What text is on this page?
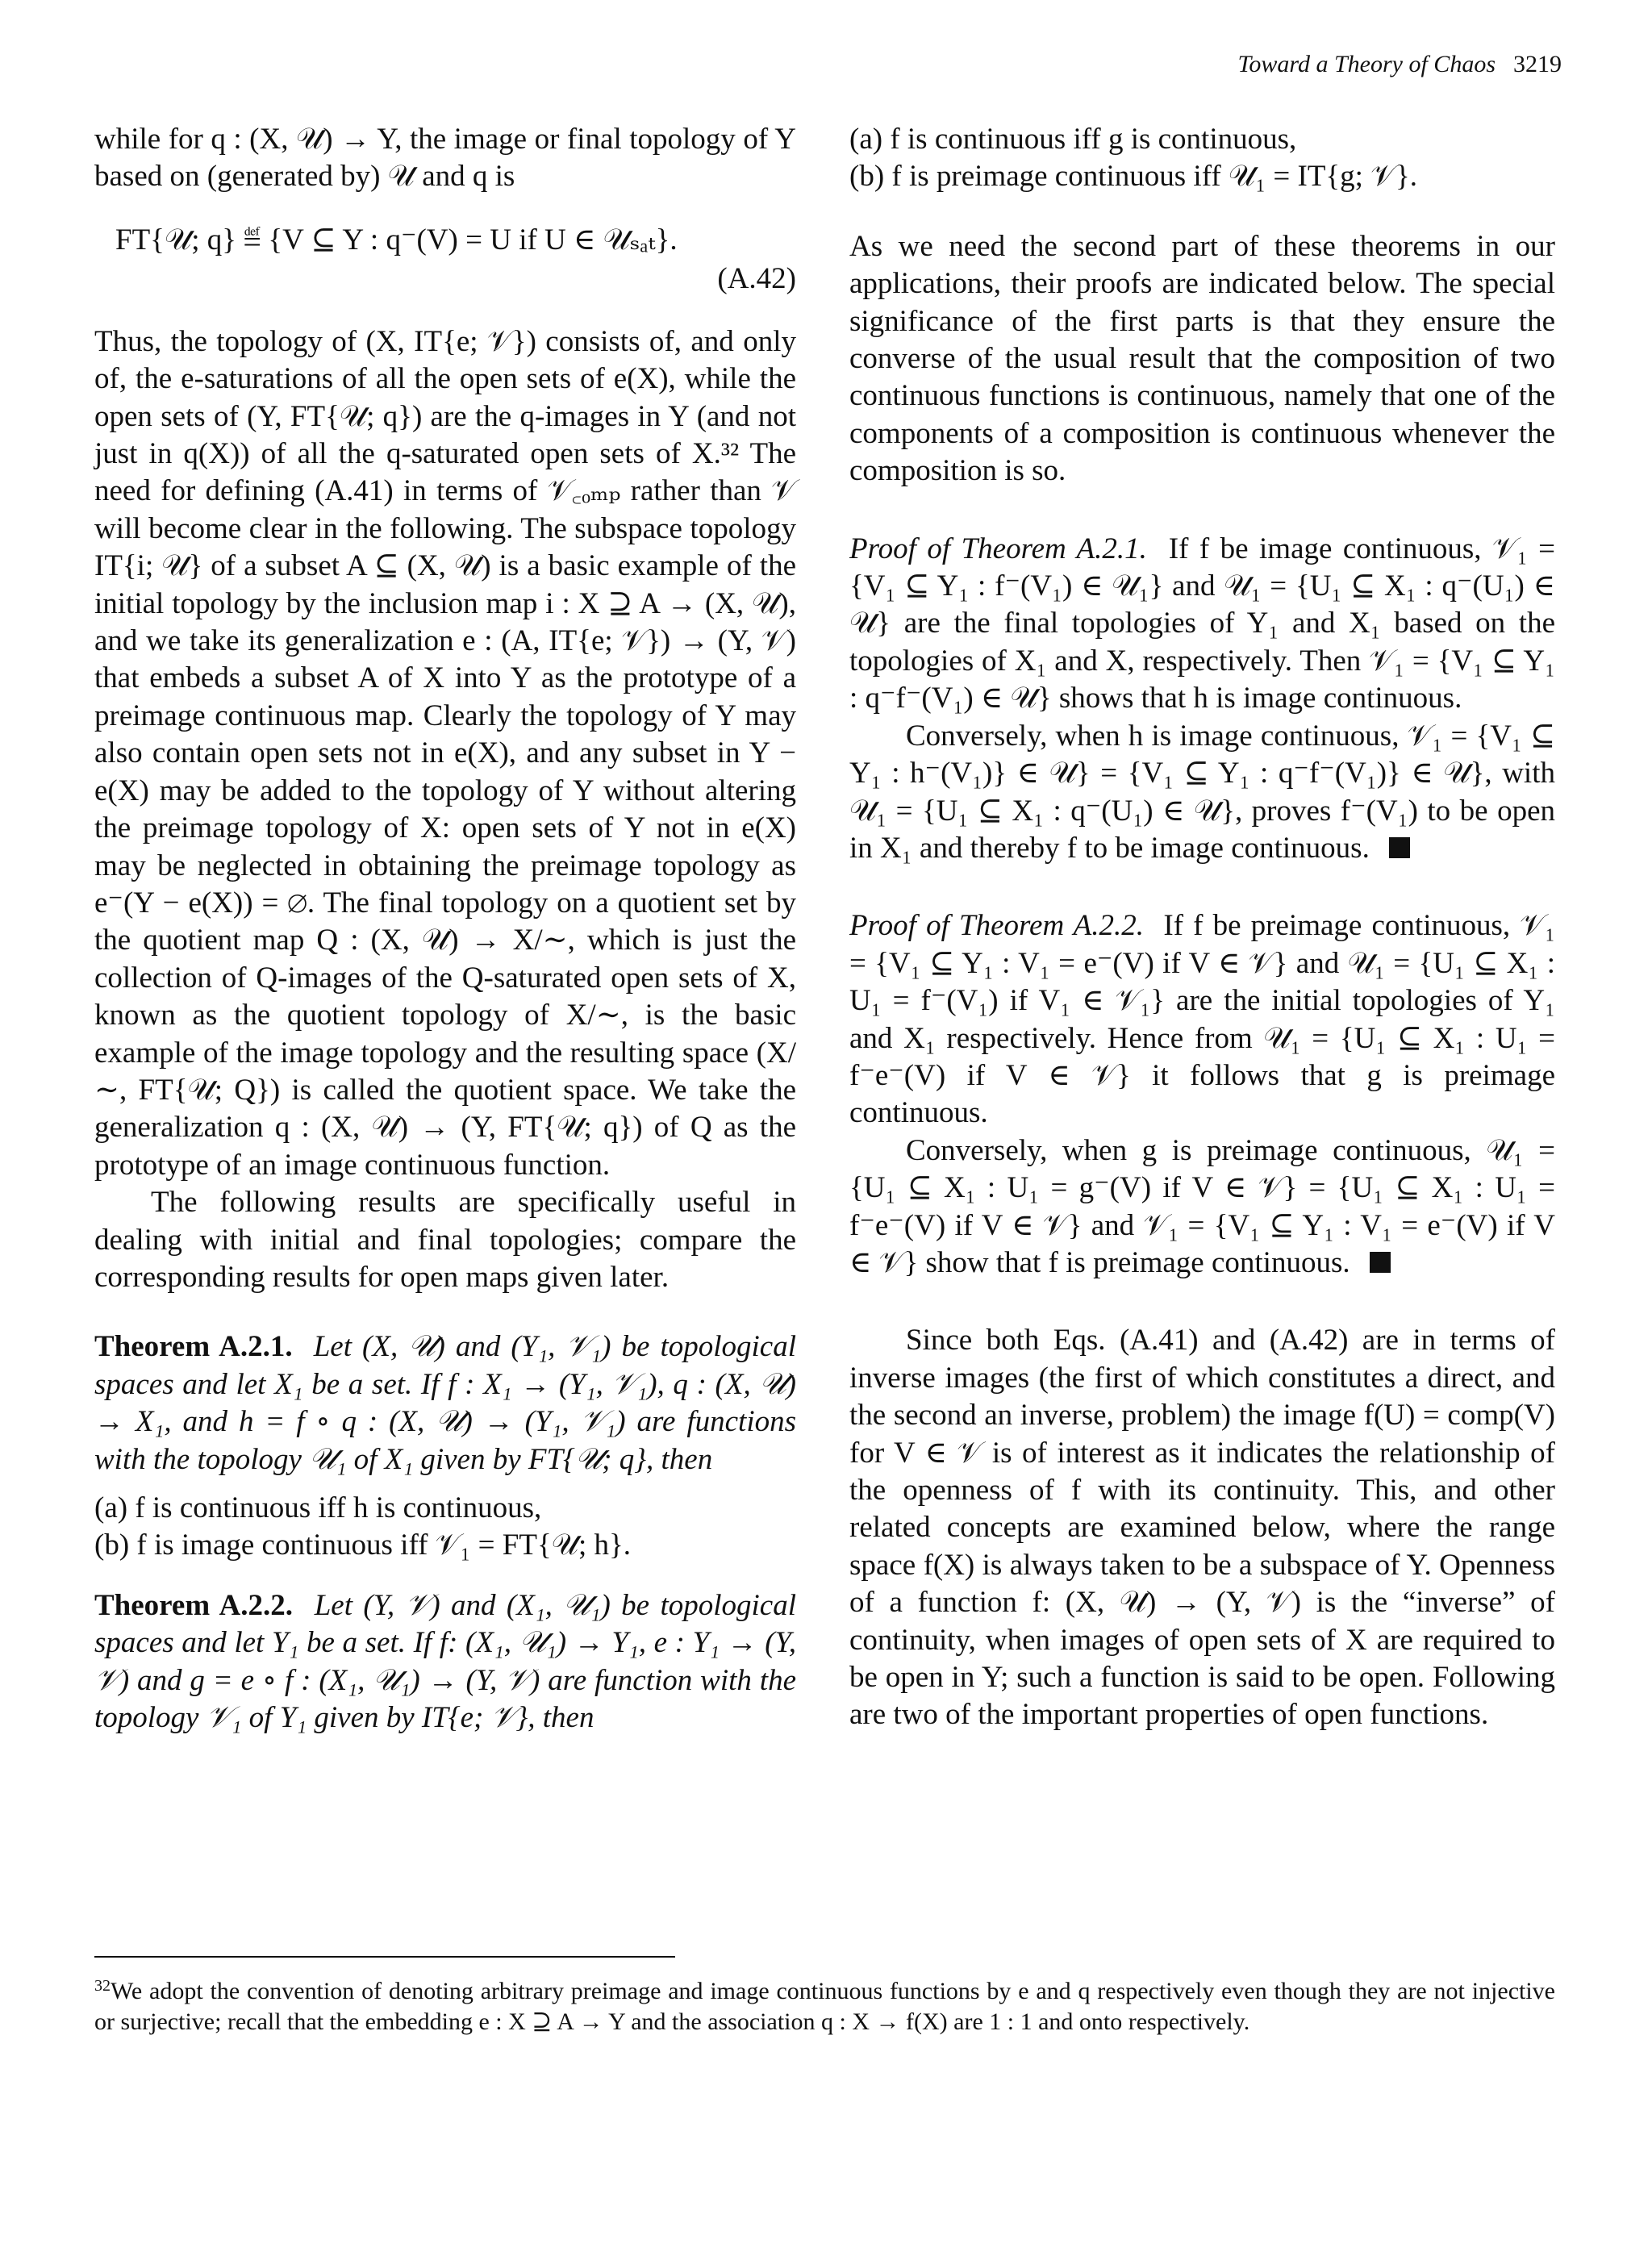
Toward a Theory of Chaos 3219

while for q : (X, 𝒰) → Y, the image or final topology of Y based on (generated by) 𝒰 and q is

FT{𝒰; q} ≝ {V ⊆ Y : q⁻(V) = U if U ∈ 𝒰ₛₐₜ}.
(A.42)

Thus, the topology of (X, IT{e; 𝒱}) consists of, and only of, the e-saturations of all the open sets of e(X), while the open sets of (Y, FT{𝒰; q}) are the q-images in Y (and not just in q(X)) of all the q-saturated open sets of X.³² The need for defining (A.41) in terms of 𝒱꜀ₒₘₚ rather than 𝒱 will become clear in the following. The subspace topology IT{i; 𝒰} of a subset A ⊆ (X, 𝒰) is a basic example of the initial topology by the inclusion map i : X ⊇ A → (X, 𝒰), and we take its generalization e : (A, IT{e; 𝒱}) → (Y, 𝒱) that embeds a subset A of X into Y as the prototype of a preimage continuous map. Clearly the topology of Y may also contain open sets not in e(X), and any subset in Y − e(X) may be added to the topology of Y without altering the preimage topology of X: open sets of Y not in e(X) may be neglected in obtaining the preimage topology as e⁻(Y − e(X)) = ∅. The final topology on a quotient set by the quotient map Q : (X, 𝒰) → X/∼, which is just the collection of Q-images of the Q-saturated open sets of X, known as the quotient topology of X/∼, is the basic example of the image topology and the resulting space (X/∼, FT{𝒰; Q}) is called the quotient space. We take the generalization q : (X, 𝒰) → (Y, FT{𝒰; q}) of Q as the prototype of an image continuous function.

The following results are specifically useful in dealing with initial and final topologies; compare the corresponding results for open maps given later.

Theorem A.2.1. Let (X, 𝒰) and (Y₁, 𝒱₁) be topological spaces and let X₁ be a set. If f : X₁ → (Y₁, 𝒱₁), q : (X, 𝒰) → X₁, and h = f ∘ q : (X, 𝒰) → (Y₁, 𝒱₁) are functions with the topology 𝒰₁ of X₁ given by FT{𝒰; q}, then

(a) f is continuous iff h is continuous,

(b) f is image continuous iff 𝒱₁ = FT{𝒰; h}.

Theorem A.2.2. Let (Y, 𝒱) and (X₁, 𝒰₁) be topological spaces and let Y₁ be a set. If f: (X₁, 𝒰₁) → Y₁, e : Y₁ → (Y, 𝒱) and g = e ∘ f : (X₁, 𝒰₁) → (Y, 𝒱) are function with the topology 𝒱₁ of Y₁ given by IT{e; 𝒱}, then

(a) f is continuous iff g is continuous,

(b) f is preimage continuous iff 𝒰₁ = IT{g; 𝒱}.

As we need the second part of these theorems in our applications, their proofs are indicated below. The special significance of the first parts is that they ensure the converse of the usual result that the composition of two continuous functions is continuous, namely that one of the components of a composition is continuous whenever the composition is so.

Proof of Theorem A.2.1. If f be image continuous, 𝒱₁ = {V₁ ⊆ Y₁ : f⁻(V₁) ∈ 𝒰₁} and 𝒰₁ = {U₁ ⊆ X₁ : q⁻(U₁) ∈ 𝒰} are the final topologies of Y₁ and X₁ based on the topologies of X₁ and X, respectively. Then 𝒱₁ = {V₁ ⊆ Y₁ : q⁻f⁻(V₁) ∈ 𝒰} shows that h is image continuous.

Conversely, when h is image continuous, 𝒱₁ = {V₁ ⊆ Y₁ : h⁻(V₁)} ∈ 𝒰} = {V₁ ⊆ Y₁ : q⁻f⁻(V₁)} ∈ 𝒰}, with 𝒰₁ = {U₁ ⊆ X₁ : q⁻(U₁) ∈ 𝒰}, proves f⁻(V₁) to be open in X₁ and thereby f to be image continuous.

Proof of Theorem A.2.2. If f be preimage continuous, 𝒱₁ = {V₁ ⊆ Y₁ : V₁ = e⁻(V) if V ∈ 𝒱} and 𝒰₁ = {U₁ ⊆ X₁ : U₁ = f⁻(V₁) if V₁ ∈ 𝒱₁} are the initial topologies of Y₁ and X₁ respectively. Hence from 𝒰₁ = {U₁ ⊆ X₁ : U₁ = f⁻e⁻(V) if V ∈ 𝒱} it follows that g is preimage continuous.

Conversely, when g is preimage continuous, 𝒰₁ = {U₁ ⊆ X₁ : U₁ = g⁻(V) if V ∈ 𝒱} = {U₁ ⊆ X₁ : U₁ = f⁻e⁻(V) if V ∈ 𝒱} and 𝒱₁ = {V₁ ⊆ Y₁ : V₁ = e⁻(V) if V ∈ 𝒱} show that f is preimage continuous.

Since both Eqs. (A.41) and (A.42) are in terms of inverse images (the first of which constitutes a direct, and the second an inverse, problem) the image f(U) = comp(V) for V ∈ 𝒱 is of interest as it indicates the relationship of the openness of f with its continuity. This, and other related concepts are examined below, where the range space f(X) is always taken to be a subspace of Y. Openness of a function f: (X, 𝒰) → (Y, 𝒱) is the “inverse” of continuity, when images of open sets of X are required to be open in Y; such a function is said to be open. Following are two of the important properties of open functions.

$^{32}$We adopt the convention of denoting arbitrary preimage and image continuous functions by e and q respectively even though they are not injective or surjective; recall that the embedding e : X ⊇ A → Y and the association q : X → f(X) are 1 : 1 and onto respectively.
